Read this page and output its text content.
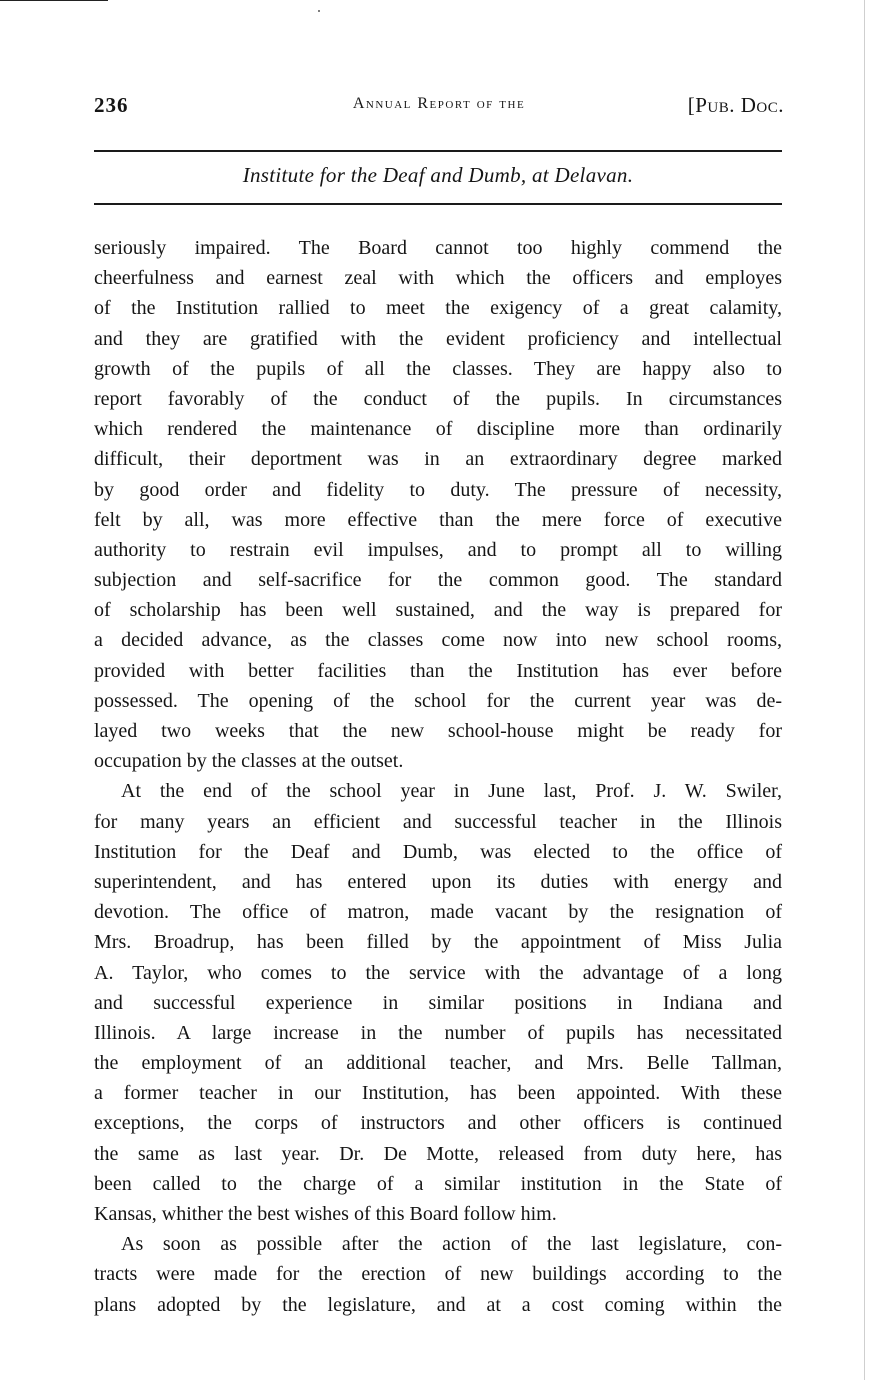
236	Annual Report of the	[Pub. Doc.
Institute for the Deaf and Dumb, at Delavan.
seriously impaired. The Board cannot too highly commend the
cheerfulness and earnest zeal with which the officers and employes
of the Institution rallied to meet the exigency of a great calamity,
and they are gratified with the evident proficiency and intellectual
growth of the pupils of all the classes. They are happy also to
report favorably of the conduct of the pupils. In circumstances
which rendered the maintenance of discipline more than ordinarily
difficult, their deportment was in an extraordinary degree marked
by good order and fidelity to duty. The pressure of necessity,
felt by all, was more effective than the mere force of executive
authority to restrain evil impulses, and to prompt all to willing
subjection and self-sacrifice for the common good. The standard
of scholarship has been well sustained, and the way is prepared for
a decided advance, as the classes come now into new school rooms,
provided with better facilities than the Institution has ever before
possessed. The opening of the school for the current year was de-
layed two weeks that the new school-house might be ready for
occupation by the classes at the outset.
At the end of the school year in June last, Prof. J. W. Swiler,
for many years an efficient and successful teacher in the Illinois
Institution for the Deaf and Dumb, was elected to the office of
superintendent, and has entered upon its duties with energy and
devotion. The office of matron, made vacant by the resignation of
Mrs. Broadrup, has been filled by the appointment of Miss Julia
A. Taylor, who comes to the service with the advantage of a long
and successful experience in similar positions in Indiana and
Illinois. A large increase in the number of pupils has necessitated
the employment of an additional teacher, and Mrs. Belle Tallman,
a former teacher in our Institution, has been appointed. With these
exceptions, the corps of instructors and other officers is continued
the same as last year. Dr. De Motte, released from duty here, has
been called to the charge of a similar institution in the State of
Kansas, whither the best wishes of this Board follow him.
As soon as possible after the action of the last legislature, con-
tracts were made for the erection of new buildings according to the
plans adopted by the legislature, and at a cost coming within the
